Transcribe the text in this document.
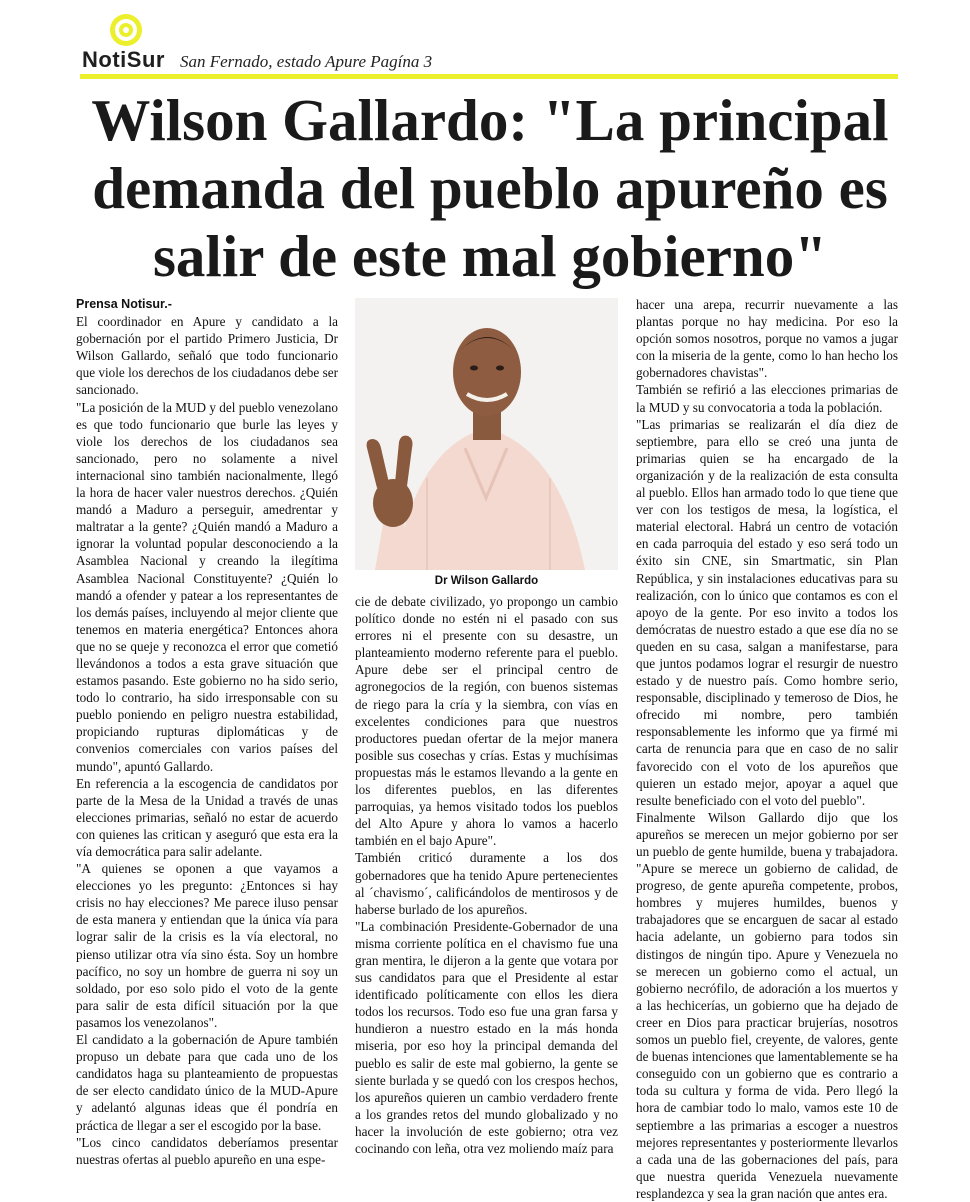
NotiSur San Fernado, estado Apure Pagína 3
Wilson Gallardo: "La principal demanda del pueblo apureño es salir de este mal gobierno"

Prensa Notisur.-

El coordinador en Apure y candidato a la gobernación por el partido Primero Justicia, Dr Wilson Gallardo, señaló que todo funcionario que viole los derechos de los ciudadanos debe ser sancionado.

"La posición de la MUD y del pueblo venezolano es que todo funcionario que burle las leyes y viole los derechos de los ciudadanos sea sancionado, pero no solamente a nivel internacional sino también nacionalmente, llegó la hora de hacer valer nuestros derechos. ¿Quién mandó a Maduro a perseguir, amedrentar y maltratar a la gente? ¿Quién mandó a Maduro a ignorar la voluntad popular desconociendo a la Asamblea Nacional y creando la ilegítima Asamblea Nacional Constituyente? ¿Quién lo mandó a ofender y patear a los representantes de los demás países, incluyendo al mejor cliente que tenemos en materia energética? Entonces ahora que no se queje y reconozca el error que cometió llevándonos a todos a esta grave situación que estamos pasando. Este gobierno no ha sido serio, todo lo contrario, ha sido irresponsable con su pueblo poniendo en peligro nuestra estabilidad, propiciando rupturas diplomáticas y de convenios comerciales con varios países del mundo", apuntó Gallardo.

En referencia a la escogencia de candidatos por parte de la Mesa de la Unidad a través de unas elecciones primarias, señaló no estar de acuerdo con quienes las critican y aseguró que esta era la vía democrática para salir adelante.

"A quienes se oponen a que vayamos a elecciones yo les pregunto: ¿Entonces si hay crisis no hay elecciones? Me parece iluso pensar de esta manera y entiendan que la única vía para lograr salir de la crisis es la vía electoral, no pienso utilizar otra vía sino ésta. Soy un hombre pacífico, no soy un hombre de guerra ni soy un soldado, por eso solo pido el voto de la gente para salir de esta difícil situación por la que pasamos los venezolanos".

El candidato a la gobernación de Apure también propuso un debate para que cada uno de los candidatos haga su planteamiento de propuestas de ser electo candidato único de la MUD-Apure y adelantó algunas ideas que él pondría en práctica de llegar a ser el escogido por la base.

"Los cinco candidatos deberíamos presentar nuestras ofertas al pueblo apureño en una espe-

Dr Wilson Gallardo

cie de debate civilizado, yo propongo un cambio político donde no estén ni el pasado con sus errores ni el presente con su desastre, un planteamiento moderno referente para el pueblo. Apure debe ser el principal centro de agronegocios de la región, con buenos sistemas de riego para la cría y la siembra, con vías en excelentes condiciones para que nuestros productores puedan ofertar de la mejor manera posible sus cosechas y crías. Estas y muchísimas propuestas más le estamos llevando a la gente en los diferentes pueblos, en las diferentes parroquias, ya hemos visitado todos los pueblos del Alto Apure y ahora lo vamos a hacerlo también en el bajo Apure".

También criticó duramente a los dos gobernadores que ha tenido Apure pertenecientes al ´chavismo´, calificándolos de mentirosos y de haberse burlado de los apureños.

"La combinación Presidente-Gobernador de una misma corriente política en el chavismo fue una gran mentira, le dijeron a la gente que votara por sus candidatos para que el Presidente al estar identificado políticamente con ellos les diera todos los recursos. Todo eso fue una gran farsa y hundieron a nuestro estado en la más honda miseria, por eso hoy la principal demanda del pueblo es salir de este mal gobierno, la gente se siente burlada y se quedó con los crespos hechos, los apureños quieren un cambio verdadero frente a los grandes retos del mundo globalizado y no hacer la involución de este gobierno; otra vez cocinando con leña, otra vez moliendo maíz para

hacer una arepa, recurrir nuevamente a las plantas porque no hay medicina. Por eso la opción somos nosotros, porque no vamos a jugar con la miseria de la gente, como lo han hecho los gobernadores chavistas".

También se refirió a las elecciones primarias de la MUD y su convocatoria a toda la población.

"Las primarias se realizarán el día diez de septiembre, para ello se creó una junta de primarias quien se ha encargado de la organización y de la realización de esta consulta al pueblo. Ellos han armado todo lo que tiene que ver con los testigos de mesa, la logística, el material electoral. Habrá un centro de votación en cada parroquia del estado y eso será todo un éxito sin CNE, sin Smartmatic, sin Plan República, y sin instalaciones educativas para su realización, con lo único que contamos es con el apoyo de la gente. Por eso invito a todos los demócratas de nuestro estado a que ese día no se queden en su casa, salgan a manifestarse, para que juntos podamos lograr el resurgir de nuestro estado y de nuestro país. Como hombre serio, responsable, disciplinado y temeroso de Dios, he ofrecido mi nombre, pero también responsablemente les informo que ya firmé mi carta de renuncia para que en caso de no salir favorecido con el voto de los apureños que quieren un estado mejor, apoyar a aquel que resulte beneficiado con el voto del pueblo".

Finalmente Wilson Gallardo dijo que los apureños se merecen un mejor gobierno por ser un pueblo de gente humilde, buena y trabajadora. "Apure se merece un gobierno de calidad, de progreso, de gente apureña competente, probos, hombres y mujeres humildes, buenos y trabajadores que se encarguen de sacar al estado hacia adelante, un gobierno para todos sin distingos de ningún tipo. Apure y Venezuela no se merecen un gobierno como el actual, un gobierno necrófilo, de adoración a los muertos y a las hechicerías, un gobierno que ha dejado de creer en Dios para practicar brujerías, nosotros somos un pueblo fiel, creyente, de valores, gente de buenas intenciones que lamentablemente se ha conseguido con un gobierno que es contrario a toda su cultura y forma de vida. Pero llegó la hora de cambiar todo lo malo, vamos este 10 de septiembre a las primarias a escoger a nuestros mejores representantes y posteriormente llevarlos a cada una de las gobernaciones del país, para que nuestra querida Venezuela nuevamente resplandezca y sea la gran nación que antes era.
